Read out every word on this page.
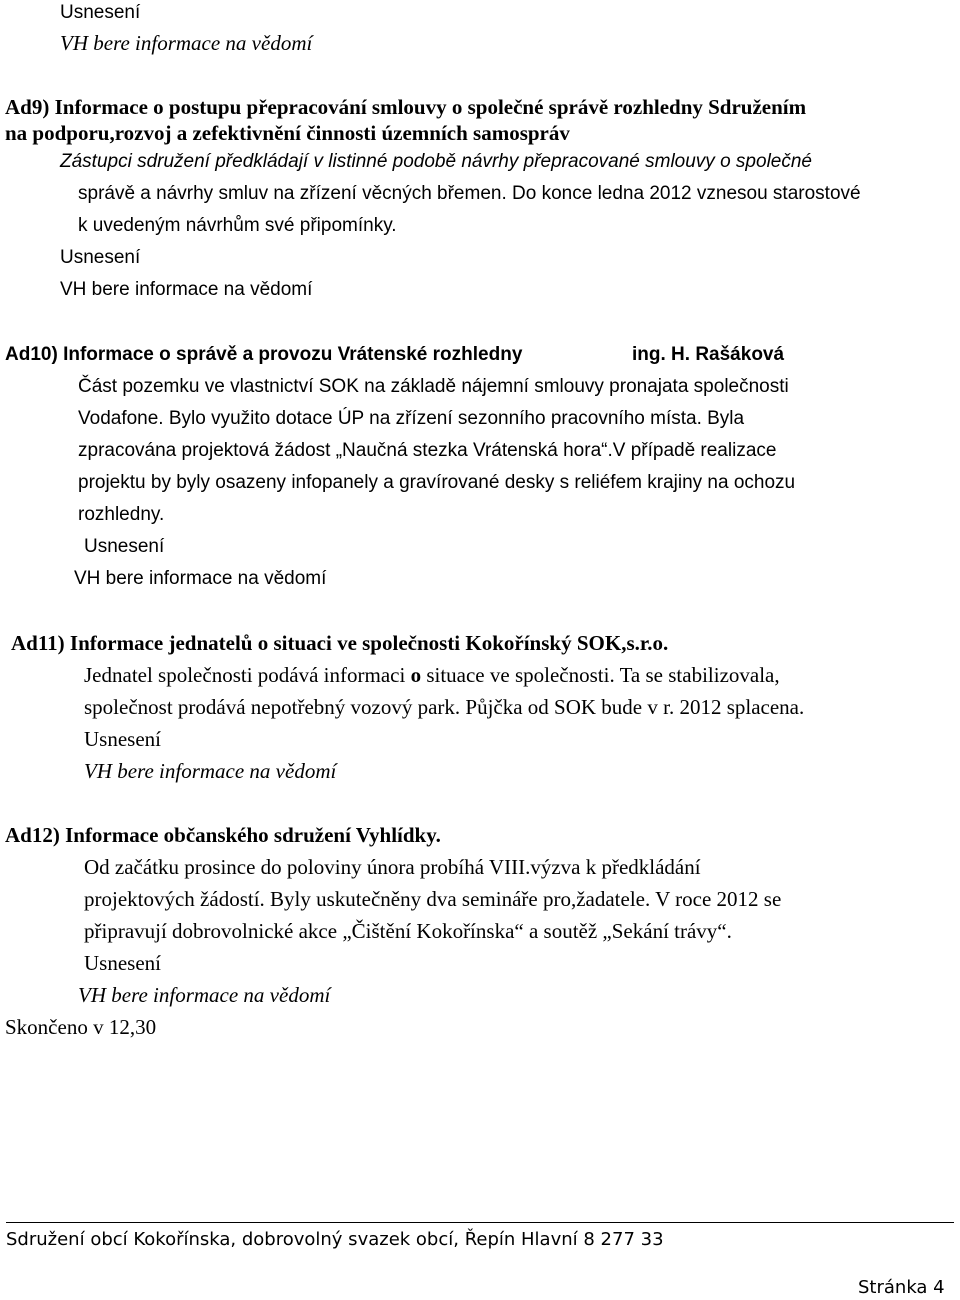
Usnesení
VH bere informace na vědomí
Ad9) Informace o postupu přepracování smlouvy o společné správě rozhledny Sdružením
na podporu,rozvoj a zefektivnění činnosti územních samospráv
Zástupci sdružení předkládají v listinné podobě návrhy přepracované smlouvy o společné
správě a návrhy smluv na zřízení věcných břemen. Do konce ledna 2012 vznesou starostové
k uvedeným návrhům své připomínky.
Usnesení
VH bere informace na vědomí
Ad10) Informace o správě a provozu Vrátenské rozhledny	ing. H. Rašáková
Část pozemku ve vlastnictví SOK na základě nájemní smlouvy pronajata společnosti
Vodafone. Bylo využito dotace ÚP na zřízení sezonního pracovního místa. Byla
zpracována projektová žádost „Naučná stezka Vrátenská hora“.V případě realizace
projektu by byly osazeny infopanely a gravírované desky s reliéfem krajiny na ochozu
rozhledny.
Usnesení
VH bere informace na vědomí
Ad11) Informace jednatelů o situaci ve společnosti Kokořínský SOK,s.r.o.
Jednatel společnosti podává informaci o situace ve společnosti. Ta se stabilizovala,
společnost prodává nepotřebný vozový park. Půjčka od SOK bude v r. 2012 splacena.
Usnesení
VH bere informace na vědomí
Ad12) Informace občanského sdružení Vyhlídky.
Od začátku prosince do poloviny února probíhá VIII.výzva k předkládání
projektových žádostí. Byly uskutečněny dva semináře pro,žadatele. V roce 2012 se
připravují dobrovolnické akce „Čištění Kokořínska“ a soutěž „Sekání trávy“.
Usnesení
VH bere informace na vědomí
Skončeno v 12,30
Sdružení obcí Kokořínska, dobrovolný svazek obcí, Řepín Hlavní 8 277 33
Stránka 4
